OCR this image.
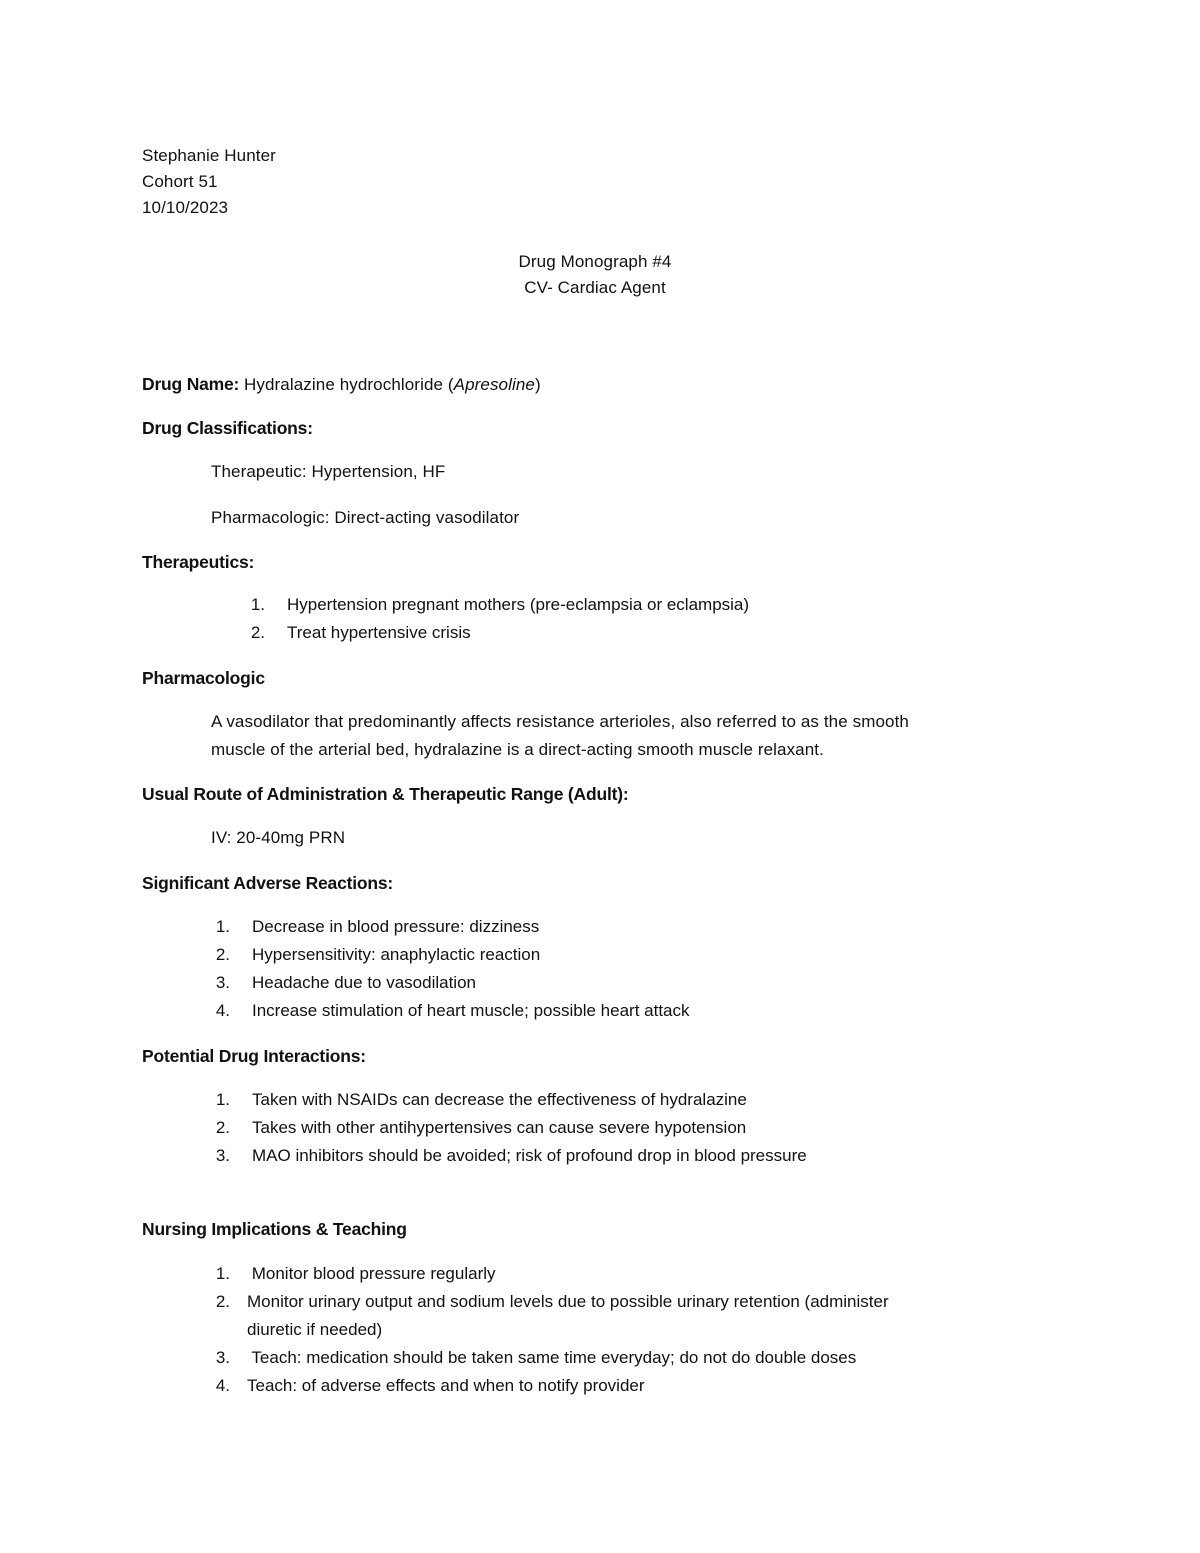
Stephanie Hunter
Cohort 51
10/10/2023
Drug Monograph #4
CV- Cardiac Agent
Drug Name: Hydralazine hydrochloride (Apresoline)
Drug Classifications:
Therapeutic: Hypertension, HF
Pharmacologic: Direct-acting vasodilator
Therapeutics:
1. Hypertension pregnant mothers (pre-eclampsia or eclampsia)
2. Treat hypertensive crisis
Pharmacologic
A vasodilator that predominantly affects resistance arterioles, also referred to as the smooth
muscle of the arterial bed, hydralazine is a direct-acting smooth muscle relaxant.
Usual Route of Administration & Therapeutic Range (Adult):
IV: 20-40mg PRN
Significant Adverse Reactions:
1. Decrease in blood pressure: dizziness
2. Hypersensitivity: anaphylactic reaction
3. Headache due to vasodilation
4. Increase stimulation of heart muscle; possible heart attack
Potential Drug Interactions:
1. Taken with NSAIDs can decrease the effectiveness of hydralazine
2. Takes with other antihypertensives can cause severe hypotension
3. MAO inhibitors should be avoided; risk of profound drop in blood pressure
Nursing Implications & Teaching
1. Monitor blood pressure regularly
2. Monitor urinary output and sodium levels due to possible urinary retention (administer
diuretic if needed)
3. Teach: medication should be taken same time everyday; do not do double doses
4. Teach: of adverse effects and when to notify provider
